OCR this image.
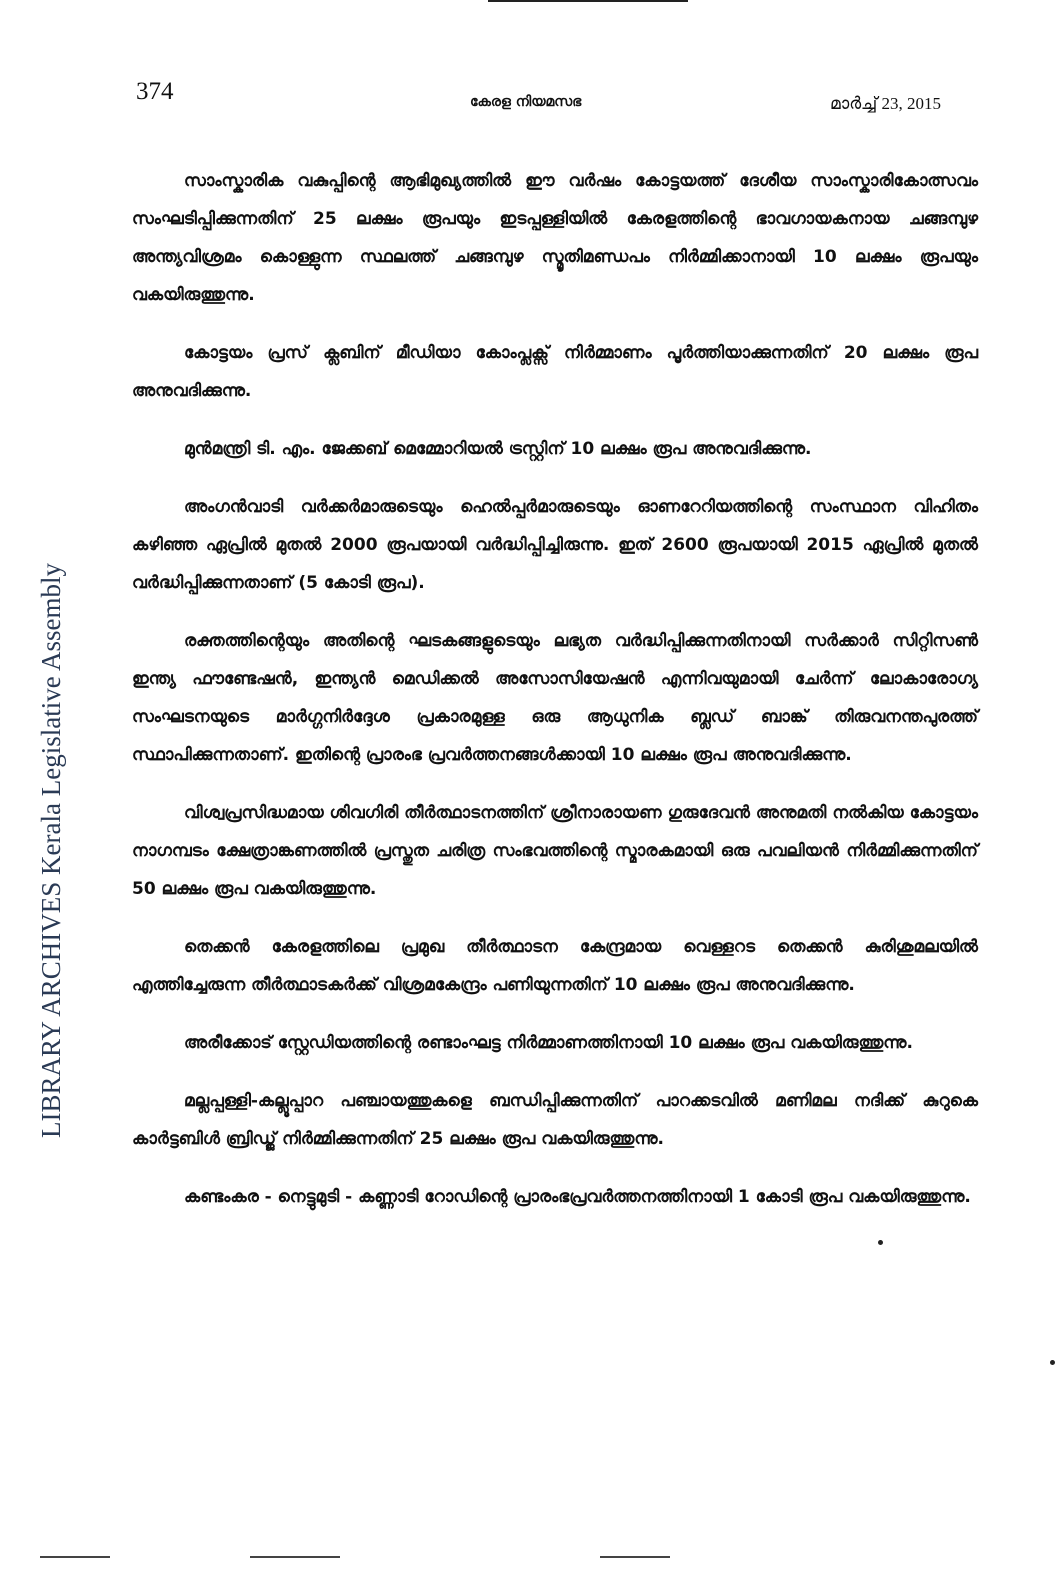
374	കേരള നിയമസഭ	മാർച്ച് 23, 2015
LIBRARY ARCHIVES Kerala Legislative Assembly

സാംസ്കാരിക വകുപ്പിന്റെ ആഭിമുഖ്യത്തിൽ ഈ വർഷം കോട്ടയത്ത് ദേശീയ സാംസ്കാരികോത്സവം സംഘടിപ്പിക്കുന്നതിന് 25 ലക്ഷം രൂപയും ഇടപ്പള്ളിയിൽ കേരളത്തിന്റെ ഭാവഗായകനായ ചങ്ങമ്പുഴ അന്ത്യവിശ്രമം കൊള്ളുന്ന സ്ഥലത്ത് ചങ്ങമ്പുഴ സ്മൃതിമണ്ഡപം നിർമ്മിക്കാനായി 10 ലക്ഷം രൂപയും വകയിരുത്തുന്നു.

കോട്ടയം പ്രസ് ക്ലബിന് മീഡിയാ കോംപ്ലക്സ് നിർമ്മാണം പൂർത്തിയാക്കുന്നതിന് 20 ലക്ഷം രൂപ അനുവദിക്കുന്നു.

മുൻമന്ത്രി ടി. എം. ജേക്കബ് മെമ്മോറിയൽ ട്രസ്റ്റിന് 10 ലക്ഷം രൂപ അനുവദിക്കുന്നു.

അംഗൻവാടി വർക്കർമാരുടെയും ഹെൽപ്പർമാരുടെയും ഓണറേറിയത്തിന്റെ സംസ്ഥാന വിഹിതം കഴിഞ്ഞ ഏപ്രിൽ മുതൽ 2000 രൂപയായി വർദ്ധിപ്പിച്ചിരുന്നു. ഇത് 2600 രൂപയായി 2015 ഏപ്രിൽ മുതൽ വർദ്ധിപ്പിക്കുന്നതാണ് (5 കോടി രൂപ).

രക്തത്തിന്റെയും അതിന്റെ ഘടകങ്ങളുടെയും ലഭ്യത വർദ്ധിപ്പിക്കുന്നതിനായി സർക്കാർ സിറ്റിസൺ ഇന്ത്യ ഫൗണ്ടേഷൻ, ഇന്ത്യൻ മെഡിക്കൽ അസോസിയേഷൻ എന്നിവയുമായി ചേർന്ന് ലോകാരോഗ്യ സംഘടനയുടെ മാർഗ്ഗനിർദ്ദേശ പ്രകാരമുള്ള ഒരു ആധുനിക ബ്ലഡ് ബാങ്ക് തിരുവനന്തപുരത്ത് സ്ഥാപിക്കുന്നതാണ്. ഇതിന്റെ പ്രാരംഭ പ്രവർത്തനങ്ങൾക്കായി 10 ലക്ഷം രൂപ അനുവദിക്കുന്നു.

വിശ്വപ്രസിദ്ധമായ ശിവഗിരി തീർത്ഥാടനത്തിന് ശ്രീനാരായണ ഗുരുദേവൻ അനുമതി നൽകിയ കോട്ടയം നാഗമ്പടം ക്ഷേത്രാങ്കണത്തിൽ പ്രസ്തുത ചരിത്ര സംഭവത്തിന്റെ സ്മാരകമായി ഒരു പവലിയൻ നിർമ്മിക്കുന്നതിന് 50 ലക്ഷം രൂപ വകയിരുത്തുന്നു.

തെക്കൻ കേരളത്തിലെ പ്രമുഖ തീർത്ഥാടന കേന്ദ്രമായ വെള്ളറട തെക്കൻ കുരിശുമലയിൽ എത്തിച്ചേരുന്ന തീർത്ഥാടകർക്ക് വിശ്രമകേന്ദ്രം പണിയുന്നതിന് 10 ലക്ഷം രൂപ അനുവദിക്കുന്നു.

അരീക്കോട് സ്റ്റേഡിയത്തിന്റെ രണ്ടാംഘട്ട നിർമ്മാണത്തിനായി 10 ലക്ഷം രൂപ വകയിരുത്തുന്നു.

മല്ലപ്പള്ളി-കല്ലൂപ്പാറ പഞ്ചായത്തുകളെ ബന്ധിപ്പിക്കുന്നതിന് പാറക്കടവിൽ മണിമല നദിക്ക് കുറുകെ കാർട്ടബിൾ ബ്രിഡ്ജ് നിർമ്മിക്കുന്നതിന് 25 ലക്ഷം രൂപ വകയിരുത്തുന്നു.

കണ്ടംകര - നെട്ടുമുടി - കണ്ണാടി റോഡിന്റെ പ്രാരംഭപ്രവർത്തനത്തിനായി 1 കോടി രൂപ വകയിരുത്തുന്നു.
